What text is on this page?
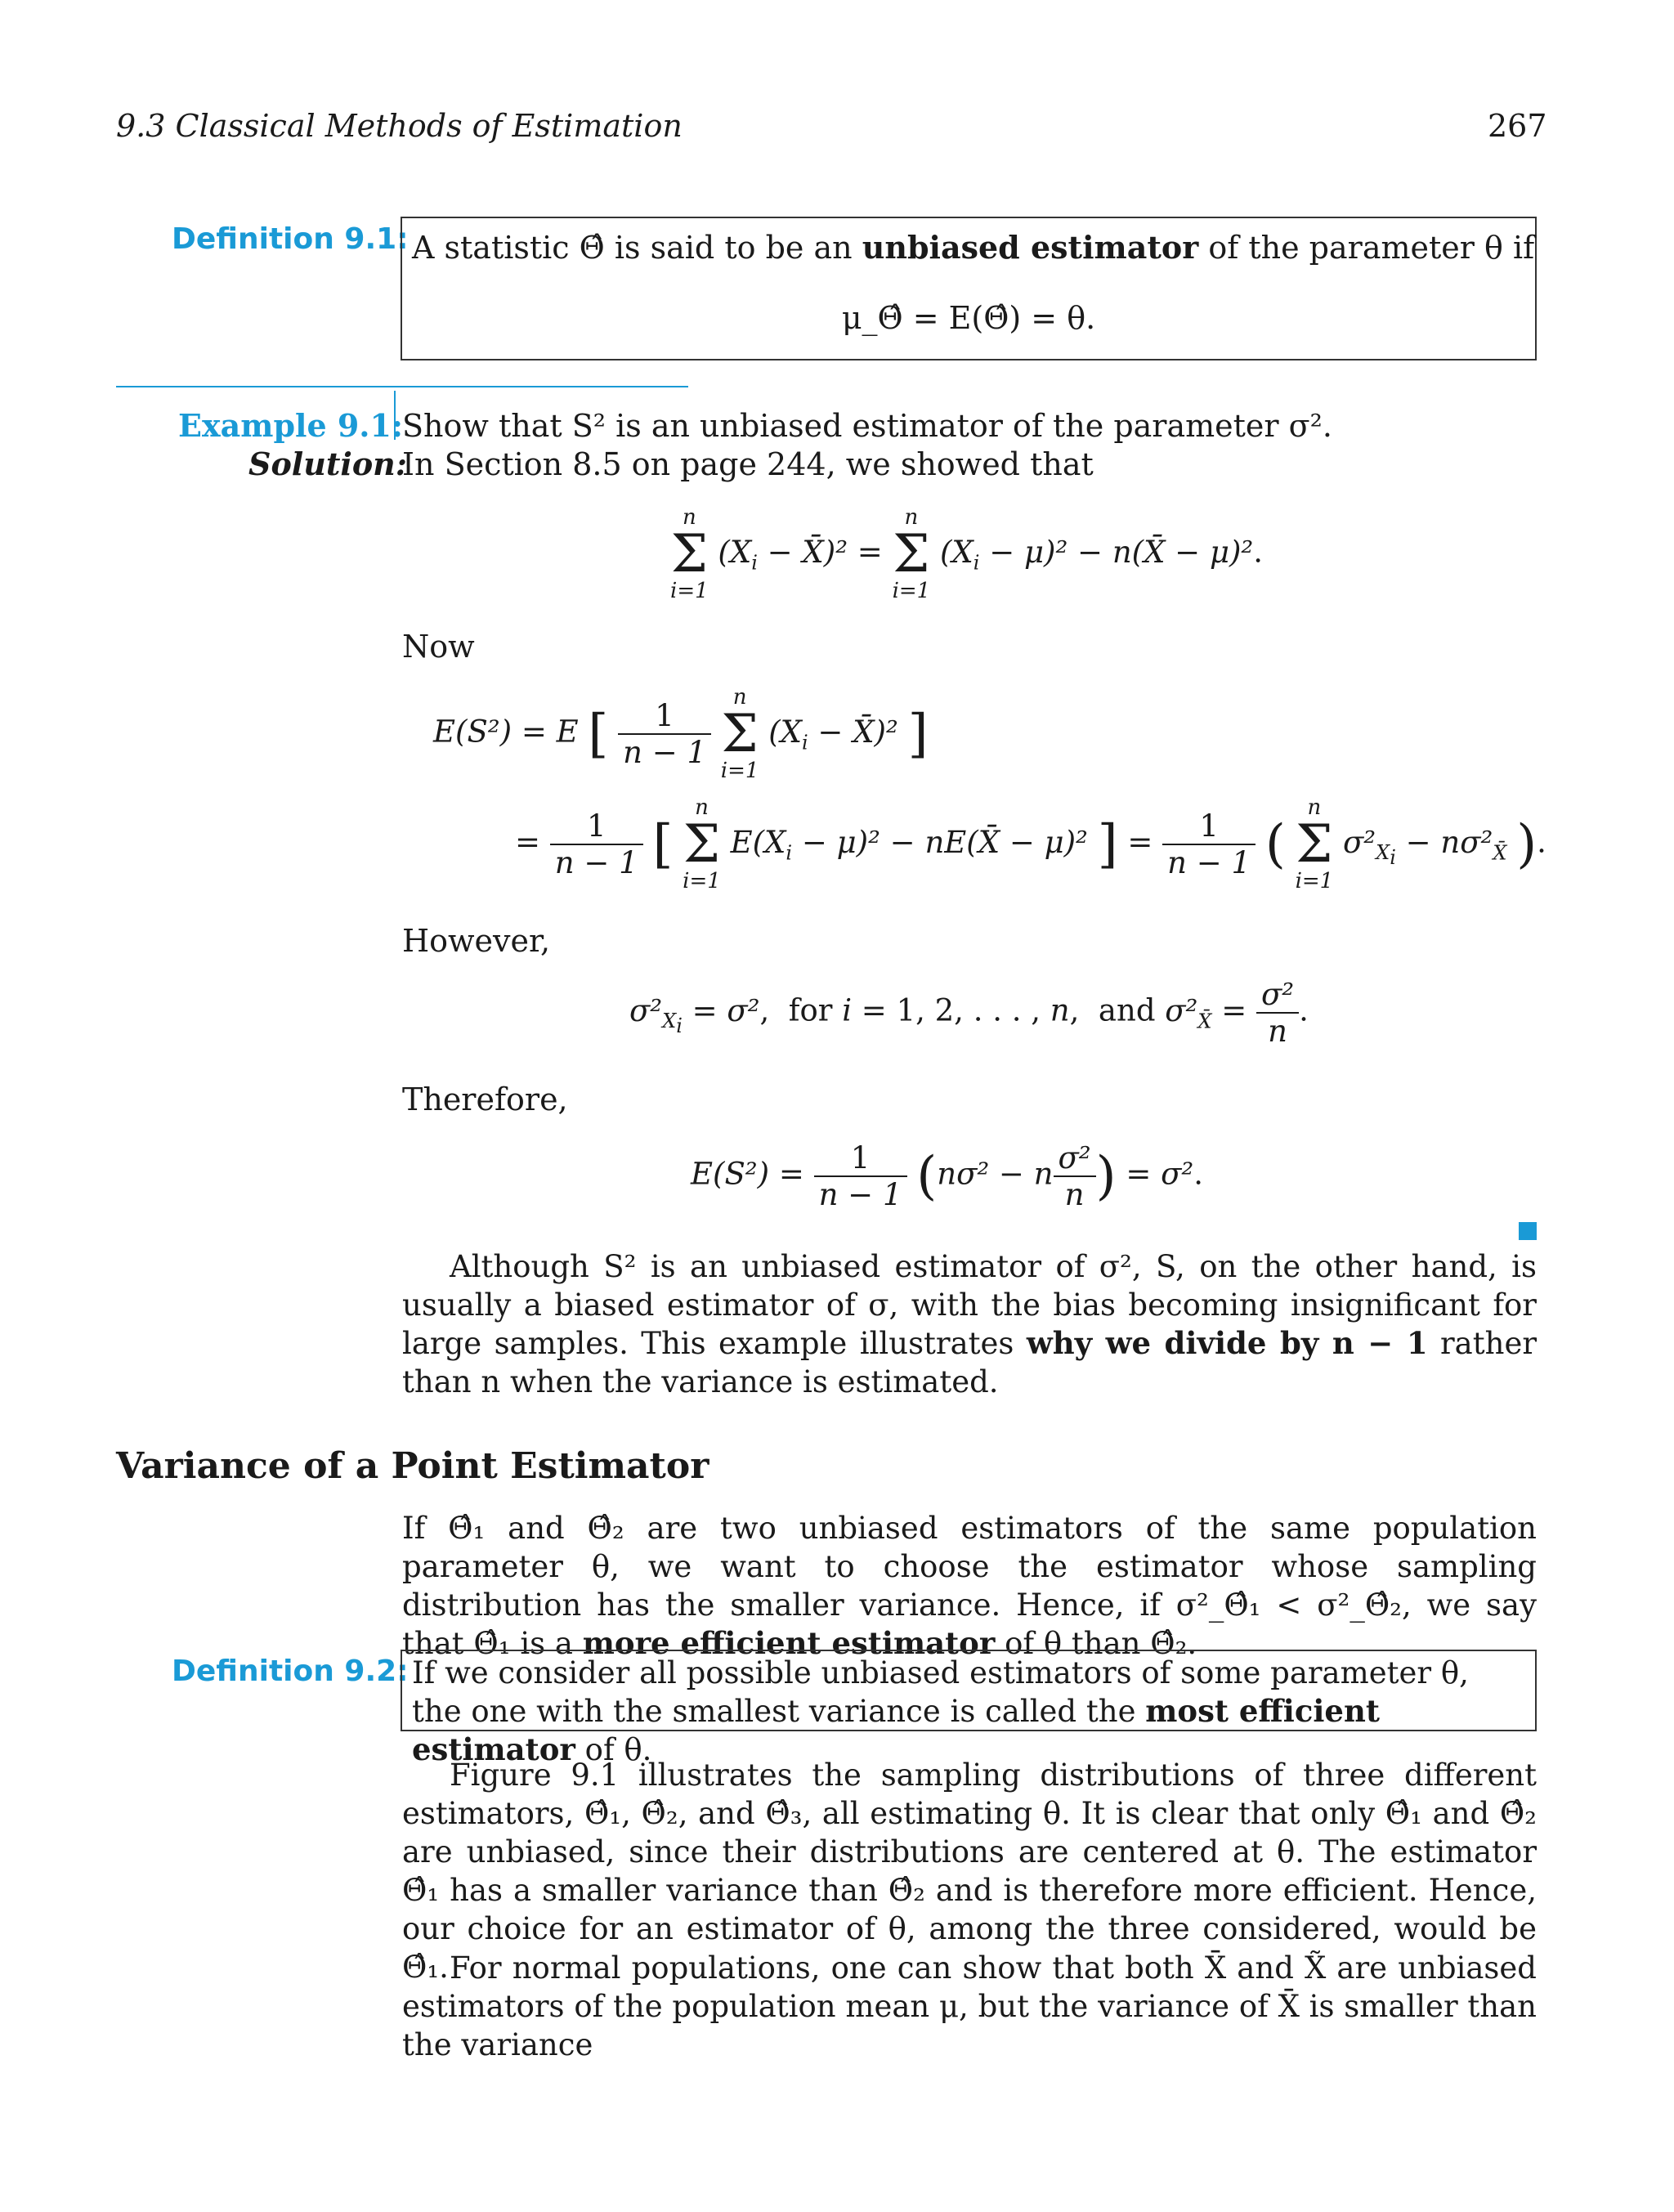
9.3 Classical Methods of Estimation	267
Definition 9.1: A statistic Θ̂ is said to be an unbiased estimator of the parameter θ if
μ_Θ̂ = E(Θ̂) = θ.
Example 9.1: Show that S² is an unbiased estimator of the parameter σ².
Solution:
In Section 8.5 on page 244, we showed that
n
Σ
i=1
($X_i$ − X̄)² =
n
Σ
i=1
$(X_i - \mu)^2$ − n(X̄ − μ)².
Now
E(S²) = E [ $\frac{1}{n - 1}$

n
Σ
i=1
($X_i$ − X̄)² ]
= $\frac{1}{n - 1}$ [
n
Σ
i=1
$E(X_i - \mu)^2$ − nE(X̄ − μ)² ] = $\frac{1}{n - 1}$ (
n
Σ
i=1
$\sigma^2_{X_i} - n\sigma^2_{X̄}$ ).
However,
$\sigma^2_{X_i} = \sigma^2$,  for i = 1, 2, . . . , n,  and $\sigma^2_{X̄} = \frac{\text{σ²}}{n}$ .
Therefore,
$E(S^2) = \frac{1}{n - 1} (n\sigma^2 - n \frac{\text{σ²}}{n}$ ) = σ².
Although S² is an unbiased estimator of σ², S, on the other hand, is usually a biased estimator of σ, with the bias becoming insignificant for large samples. This example illustrates why we divide by n − 1 rather than n when the variance is estimated.
Variance of a Point Estimator
If Θ̂₁ and Θ̂₂ are two unbiased estimators of the same population parameter θ, we want to choose the estimator whose sampling distribution has the smaller variance. Hence, if σ²_Θ̂₁ < σ²_Θ̂₂, we say that Θ̂₁ is a more efficient estimator of θ than Θ̂₂.
Definition 9.2: If we consider all possible unbiased estimators of some parameter θ, the one with the smallest variance is called the most efficient estimator of θ.
Figure 9.1 illustrates the sampling distributions of three different estimators, Θ̂₁, Θ̂₂, and Θ̂₃, all estimating θ. It is clear that only Θ̂₁ and Θ̂₂ are unbiased, since their distributions are centered at θ. The estimator Θ̂₁ has a smaller variance than Θ̂₂ and is therefore more efficient. Hence, our choice for an estimator of θ, among the three considered, would be Θ̂₁. For normal populations, one can show that both X̄ and X̃ are unbiased estimators of the population mean μ, but the variance of X̄ is smaller than the variance
